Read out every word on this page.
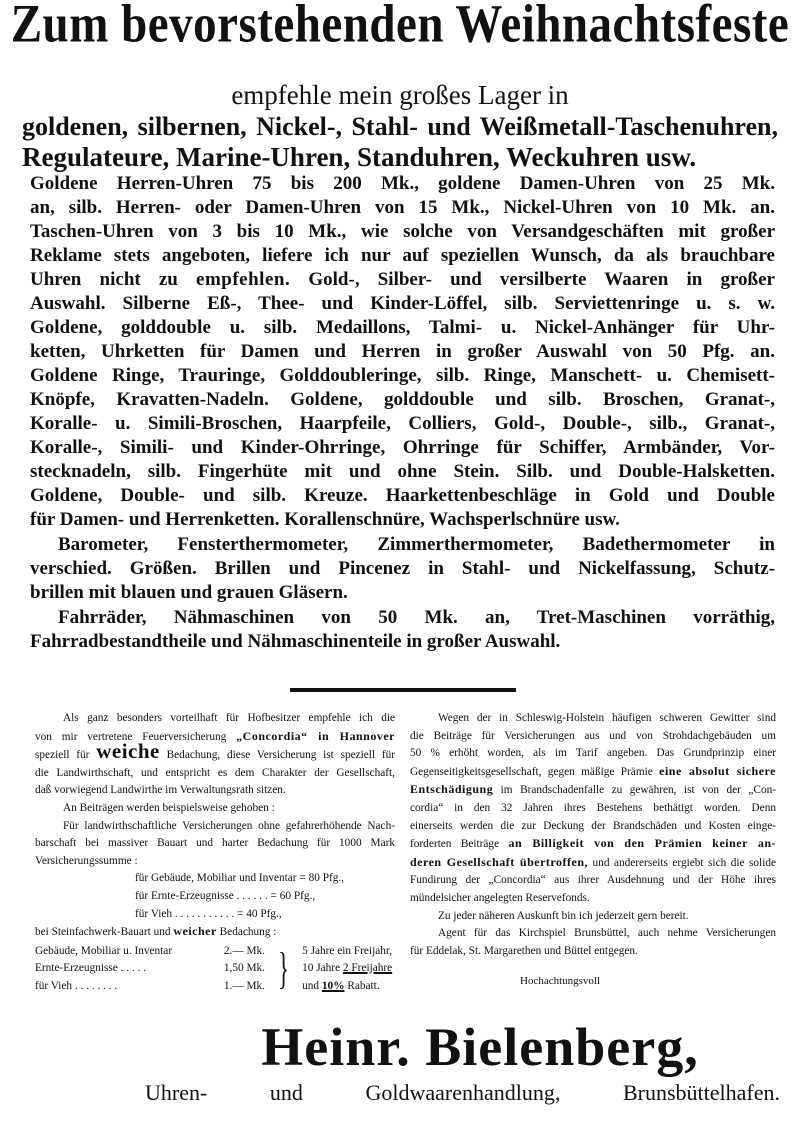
Zum bevorstehenden Weihnachtsfeste
empfehle mein großes Lager in
goldenen, silbernen, Nickel-, Stahl- und Weißmetall-Taschenuhren,
Regulateure, Marine-Uhren, Standuhren, Weckuhren usw.
Goldene Herren-Uhren 75 bis 200 Mk., goldene Damen-Uhren von 25 Mk.
an, silb. Herren- oder Damen-Uhren von 15 Mk., Nickel-Uhren von 10 Mk. an.
Taschen-Uhren von 3 bis 10 Mk., wie solche von Versandgeschäften mit großer
Reklame stets angeboten, liefere ich nur auf speziellen Wunsch, da als brauchbare
Uhren nicht zu empfehlen. Gold-, Silber- und versilberte Waaren in großer
Auswahl. Silberne Eß-, Thee- und Kinder-Löffel, silb. Serviettenringe u. s. w.
Goldene, golddouble u. silb. Medaillons, Talmi- u. Nickel-Anhänger für Uhr-
ketten, Uhrketten für Damen und Herren in großer Auswahl von 50 Pfg. an.
Goldene Ringe, Trauringe, Golddoubleringe, silb. Ringe, Manschett- u. Chemisett-
Knöpfe, Kravatten-Nadeln. Goldene, golddouble und silb. Broschen, Granat-,
Koralle- u. Simili-Broschen, Haarpfeile, Colliers, Gold-, Double-, silb., Granat-,
Koralle-, Simili- und Kinder-Ohrringe, Ohrringe für Schiffer, Armbänder, Vor-
stecknadeln, silb. Fingerhüte mit und ohne Stein. Silb. und Double-Halsketten.
Goldene, Double- und silb. Kreuze. Haarkettenbeschläge in Gold und Double
für Damen- und Herrenketten. Korallenschnüre, Wachsperlschnüre usw.
Barometer, Fensterthermometer, Zimmerthermometer, Badethermometer in
verschied. Größen. Brillen und Pincenez in Stahl- und Nickelfassung, Schutz-
brillen mit blauen und grauen Gläsern.
Fahrräder, Nähmaschinen von 50 Mk. an, Tret-Maschinen vorräthig,
Fahrradbestandtheile und Nähmaschinenteile in großer Auswahl.
Als ganz besonders vorteilhaft für Hofbesitzer empfehle ich die
von mir vertretene Feuerversicherung „Concordia“ in Hannover
speziell für weiche Bedachung, diese Versicherung ist speziell für
die Landwirthschaft, und entspricht es dem Charakter der Gesellschaft,
daß vorwiegend Landwirthe im Verwaltungsrath sitzen.
An Beiträgen werden beispielsweise gehoben :
Für landwirthschaftliche Versicherungen ohne gefahrerhöhende Nach-
barschaft bei massiver Bauart und harter Bedachung für 1000 Mark
Versicherungssumme :
für Gebäude, Mobiliar und Inventar = 80 Pfg.,
für Ernte-Erzeugnisse . . . . . . = 60 Pfg.,
für Vieh . . . . . . . . . . . = 40 Pfg.,
bei Steinfachwerk-Bauart und weicher Bedachung :
Gebäude, Mobiliar u. Inventar	2.— Mk.
Ernte-Erzeugnisse . . . . .	1,50 Mk.
für Vieh . . . . . . . .	1.— Mk. } 5 Jahre ein Freijahr,
10 Jahre 2 Freijahre
und 10% Rabatt.
Wegen der in Schleswig-Holstein häufigen schweren Gewitter sind
die Beiträge für Versicherungen aus und von Strohdachgebäuden um
50 % erhöht worden, als im Tarif angeben. Das Grundprinzip einer
Gegenseitigkeitsgesellschaft, gegen mäßige Prämie eine absolut sichere
Entschädigung im Brandschadenfalle zu gewähren, ist von der „Con-
cordia“ in den 32 Jahren ihres Bestehens bethätigt worden. Denn
einerseits werden die zur Deckung der Brandschäden und Kosten einge-
forderten Beiträge an Billigkeit von den Prämien keiner an-
deren Gesellschaft übertroffen, und andererseits ergiebt sich die solide
Fundirung der „Concordia“ aus ihrer Ausdehnung und der Höhe ihres
mündelsicher angelegten Reservefonds.
Zu jeder näheren Auskunft bin ich jederzeit gern bereit.
Agent für das Kirchspiel Brunsbüttel, auch nehme Versicherungen
für Eddelak, St. Margarethen und Büttel entgegen.
Hochachtungsvoll
Heinr. Bielenberg,
Uhren- und Goldwaarenhandlung, Brunsbüttelhafen.
